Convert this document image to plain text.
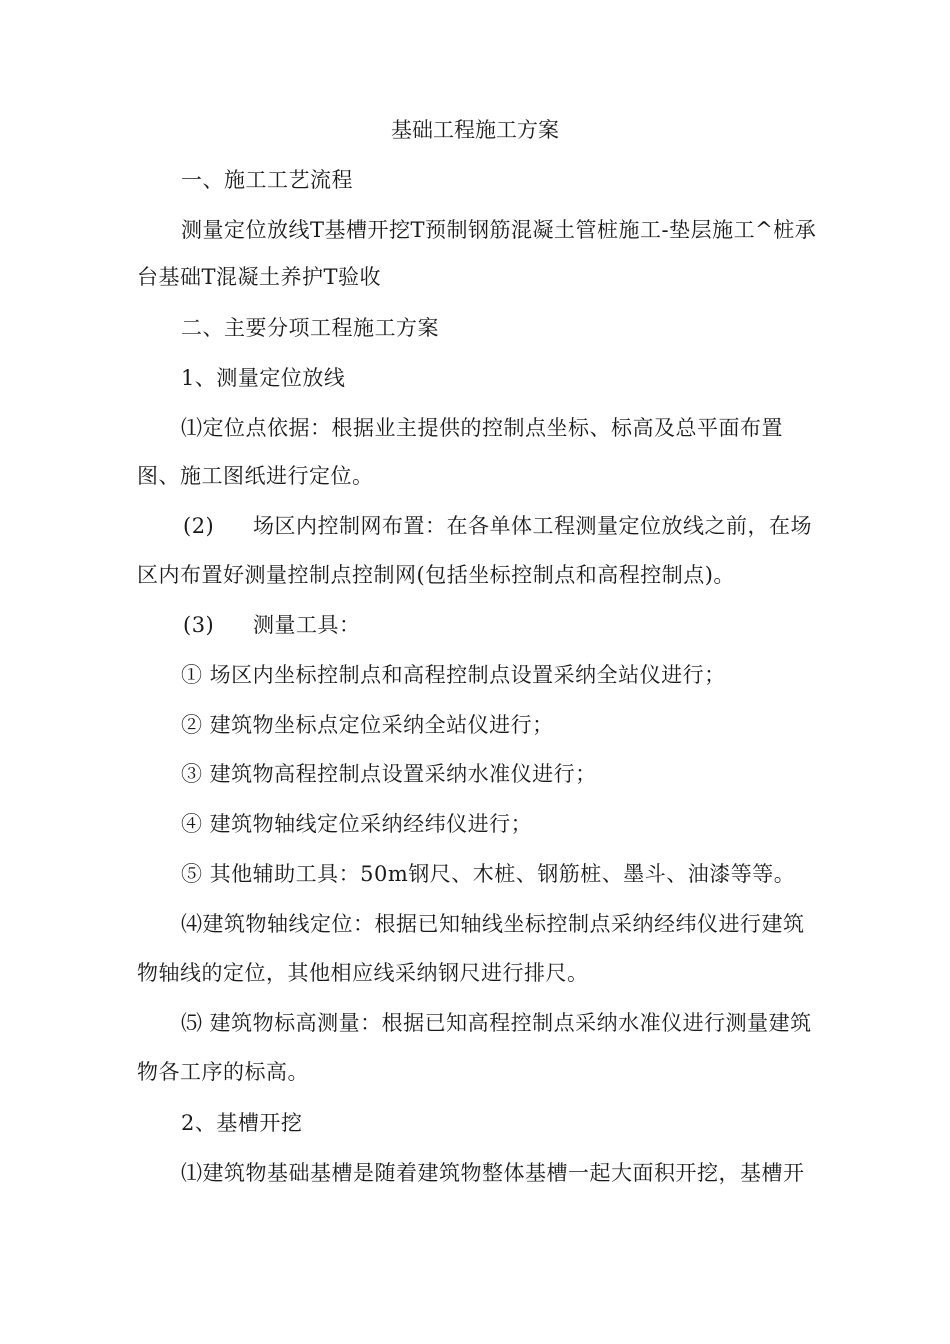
基础工程施工方案
一、施工工艺流程
测量定位放线T基槽开挖T预制钢筋混凝土管桩施工-垫层施工^桩承
台基础T混凝土养护T验收
二、主要分项工程施工方案
1、测量定位放线
⑴定位点依据：根据业主提供的控制点坐标、标高及总平面布置
图、施工图纸进行定位。
(2) 场区内控制网布置：在各单体工程测量定位放线之前，在场
区内布置好测量控制点控制网(包括坐标控制点和高程控制点)。
(3) 测量工具：
① 场区内坐标控制点和高程控制点设置采纳全站仪进行；
② 建筑物坐标点定位采纳全站仪进行；
③ 建筑物高程控制点设置采纳水准仪进行；
④ 建筑物轴线定位采纳经纬仪进行；
⑤ 其他辅助工具：50m钢尺、木桩、钢筋桩、墨斗、油漆等等。
⑷建筑物轴线定位：根据已知轴线坐标控制点采纳经纬仪进行建筑
物轴线的定位，其他相应线采纳钢尺进行排尺。
⑸ 建筑物标高测量：根据已知高程控制点采纳水准仪进行测量建筑
物各工序的标高。
2、基槽开挖
⑴建筑物基础基槽是随着建筑物整体基槽一起大面积开挖，基槽开
